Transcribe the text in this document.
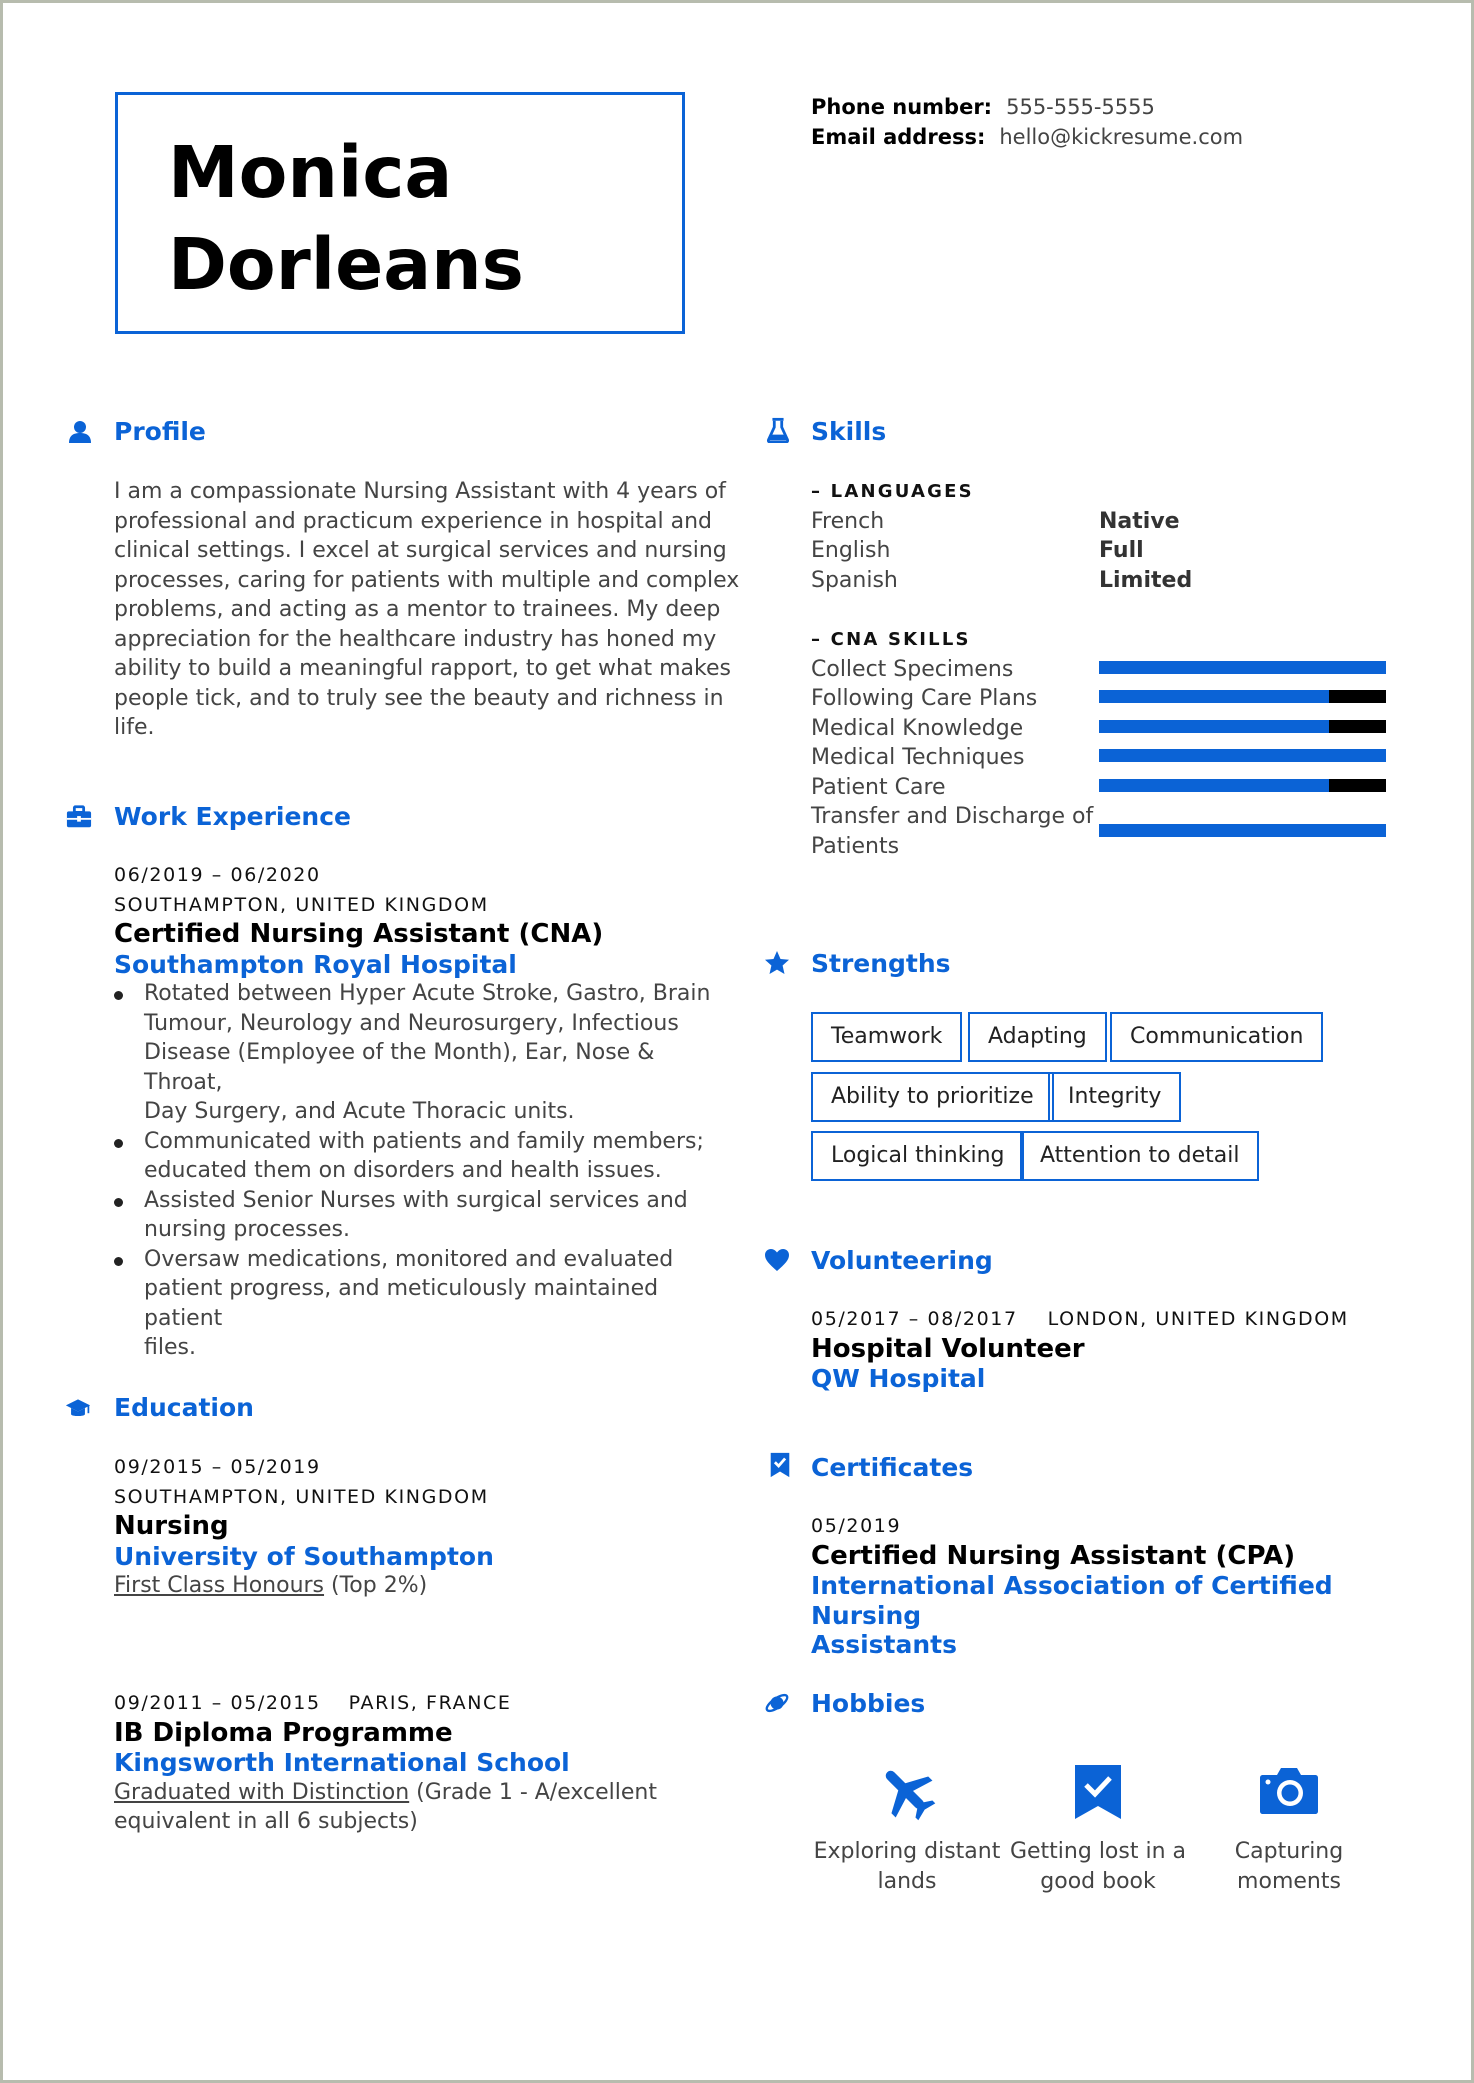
Monica
Dorleans
Phone number: 555-555-5555
Email address: hello@kickresume.com
Profile
I am a compassionate Nursing Assistant with 4 years of
professional and practicum experience in hospital and
clinical settings. I excel at surgical services and nursing
processes, caring for patients with multiple and complex
problems, and acting as a mentor to trainees. My deep
appreciation for the healthcare industry has honed my
ability to build a meaningful rapport, to get what makes
people tick, and to truly see the beauty and richness in
life.
Work Experience
06/2019 – 06/2020
SOUTHAMPTON, UNITED KINGDOM
Certified Nursing Assistant (CNA)
Southampton Royal Hospital
Rotated between Hyper Acute Stroke, Gastro, Brain
Tumour, Neurology and Neurosurgery, Infectious
Disease (Employee of the Month), Ear, Nose & Throat,
Day Surgery, and Acute Thoracic units.
Communicated with patients and family members;
educated them on disorders and health issues.
Assisted Senior Nurses with surgical services and
nursing processes.
Oversaw medications, monitored and evaluated
patient progress, and meticulously maintained patient
files.
Education
09/2015 – 05/2019
SOUTHAMPTON, UNITED KINGDOM
Nursing
University of Southampton
First Class Honours (Top 2%)
09/2011 – 05/2015 PARIS, FRANCE
IB Diploma Programme
Kingsworth International School
Graduated with Distinction (Grade 1 - A/excellent
equivalent in all 6 subjects)
Skills
– LANGUAGES
French	Native
English	Full
Spanish	Limited
– CNA SKILLS
Collect Specimens
Following Care Plans
Medical Knowledge
Medical Techniques
Patient Care
Transfer and Discharge of
Patients
Strengths
Teamwork	Adapting	Communication
Ability to prioritize	Integrity
Logical thinking	Attention to detail
Volunteering
05/2017 – 08/2017 LONDON, UNITED KINGDOM
Hospital Volunteer
QW Hospital
Certificates
05/2019
Certified Nursing Assistant (CPA)
International Association of Certified Nursing
Assistants
Hobbies
Exploring distant
lands
Getting lost in a
good book
Capturing
moments
